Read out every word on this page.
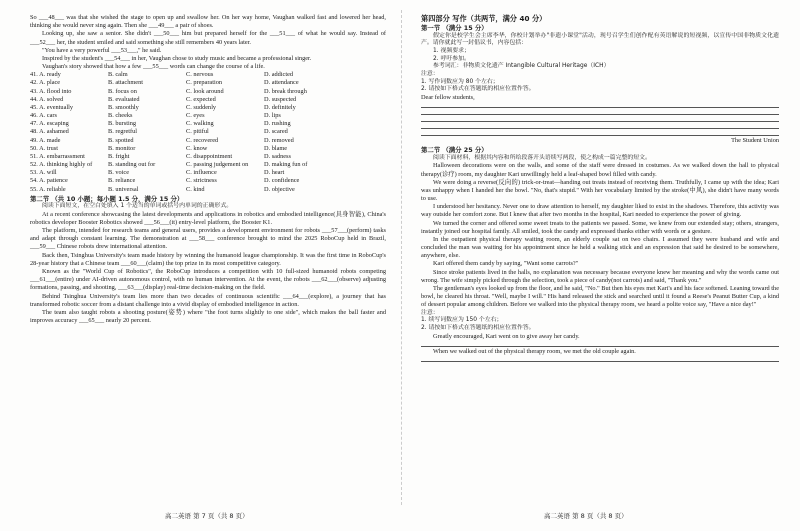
So ___48___ was that she wished the stage to open up and swallow her. On her way home, Vaughan walked fast and lowered her head, thinking she would never sing again. Then she ___49___ a pair of shoes.

Looking up, she saw a senior. She didn't ___50___ him but prepared herself for the ___51___ of what he would say. Instead of ___52___ her, the student smiled and said something she still remembers 40 years later.

"You have a very powerful ___53___," he said.

Inspired by the student's ___54___ in her, Vaughan chose to study music and became a professional singer.

Vaughan's story showed that how a few ___55___ words can change the course of a life.

41. A. ready	B. calm	C. nervous	D. addicted
42. A. place	B. attachment	C. preparation	D. attendance
43. A. flood into	B. focus on	C. look around	D. break through
44. A. solved	B. evaluated	C. expected	D. suspected
45. A. eventually	B. smoothly	C. suddenly	D. definitely
46. A. cars	B. cheeks	C. eyes	D. lips
47. A. escaping	B. bursting	C. walking	D. rushing
48. A. ashamed	B. regretful	C. pitiful	D. scared
49. A. made	B. spotted	C. recovered	D. removed
50. A. trust	B. monitor	C. know	D. blame
51. A. embarrassment	B. fright	C. disappointment	D. sadness
52. A. thinking highly of	B. standing out for	C. passing judgement on	D. making fun of
53. A. will	B. voice	C. influence	D. heart
54. A. patience	B. reliance	C. strictness	D. confidence
55. A. reliable	B. universal	C. kind	D. objective
第二节 （共 10 小题；每小题 1.5 分，满分 15 分）

阅读下面短文，在空白处填入 1 个适当的单词或括号内单词的正确形式。

At a recent conference showcasing the latest developments and applications in robotics and embodied intelligence(具身智能), China's robotics developer Booster Robotics showed ___56___(it) entry-level platform, the Booster K1.

The platform, intended for research teams and general users, provides a development environment for robots ___57___(perform) tasks and adapt through constant learning. The demonstration at ___58___ conference brought to mind the 2025 RoboCup held in Brazil, ___59___ Chinese robots drew international attention.

Back then, Tsinghua University's team made history by winning the humanoid league championship. It was the first time in RoboCup's 28-year history that a Chinese team ___60___(claim) the top prize in its most competitive category.

Known as the "World Cup of Robotics", the RoboCup introduces a competition with 10 full-sized humanoid robots competing ___61___(entire) under AI-driven autonomous control, with no human intervention. At the event, the robots ___62___(observe) adjusting formations, passing, and shooting, ___63___(display) real-time decision-making on the field.

Behind Tsinghua University's team lies more than two decades of continuous scientific ___64___(explore), a journey that has transformed robotic soccer from a distant challenge into a vivid display of embodied intelligence in action.

The team also taught robots a shooting posture(姿势) where "the foot turns slightly to one side", which makes the ball faster and improves accuracy ___65___ nearly 20 percent.

第四部分 写作（共两节，满分 40 分）
第一节 （满分 15 分）

假定你是校学生会主席李华，你校计划举办"非遗小课堂"活动，现号召学生们创作配有英语解说的短视频，以宣传中国非物质文化遗产。请你就此写一封倡议书，内容包括：

1. 视频要求；

2. 呼吁参加。

参考词汇：非物质文化遗产 Intangible Cultural Heritage（ICH）

注意：

1. 写作词数应为 80 个左右；

2. 请按如下格式在答题纸的相应位置作答。

Dear fellow students,

The Student Union

第二节 （满分 25 分）

阅读下面材料，根据其内容和所给段落开头语续写两段，使之构成一篇完整的短文。

Halloween decorations were on the walls, and some of the staff were dressed in costumes. As we walked down the hall to physical therapy(诊疗) room, my daughter Kari unwillingly held a leaf-shaped bowl filled with candy.

We were doing a reverse(反向的) trick-or-treat—handing out treats instead of receiving them. Truthfully, I came up with the idea; Kari was unhappy when I handed her the bowl. "No, that's stupid." With her vocabulary limited by the stroke(中风), she didn't have many words to use.

I understood her hesitancy. Never one to draw attention to herself, my daughter liked to exist in the shadows. Therefore, this activity was way outside her comfort zone. But I knew that after two months in the hospital, Kari needed to experience the power of giving.

We turned the corner and offered some sweet treats to the patients we passed. Some, we knew from our extended stay; others, strangers, instantly joined our hospital family. All smiled, took the candy and expressed thanks either with words or a gesture.

In the outpatient physical therapy waiting room, an elderly couple sat on two chairs. I assumed they were husband and wife and concluded the man was waiting for his appointment since he held a walking stick and an expression that said he desired to be somewhere, anywhere, else.

Kari offered them candy by saying, "Want some carrots?"

Since stroke patients lived in the halls, no explanation was necessary because everyone knew her meaning and why the words came out wrong. The wife simply picked through the selection, took a piece of candy(not carrots) and said, "Thank you."

The gentleman's eyes looked up from the floor, and he said, "No." But then his eyes met Kari's and his face softened. Leaning toward the bowl, he cleared his throat. "Well, maybe I will." His hand released the stick and searched until it found a Reese's Peanut Butter Cup, a kind of dessert popular among children. Before we walked into the physical therapy room, we heard a polite voice say, "Have a nice day!"

注意：

1. 续写词数应为 150 个左右；

2. 请按如下格式在答题纸的相应位置作答。

Greatly encouraged, Kari went on to give away her candy.

When we walked out of the physical therapy room, we met the old couple again.

高二英语 第 7 页（共 8 页）	高二英语 第 8 页（共 8 页）
